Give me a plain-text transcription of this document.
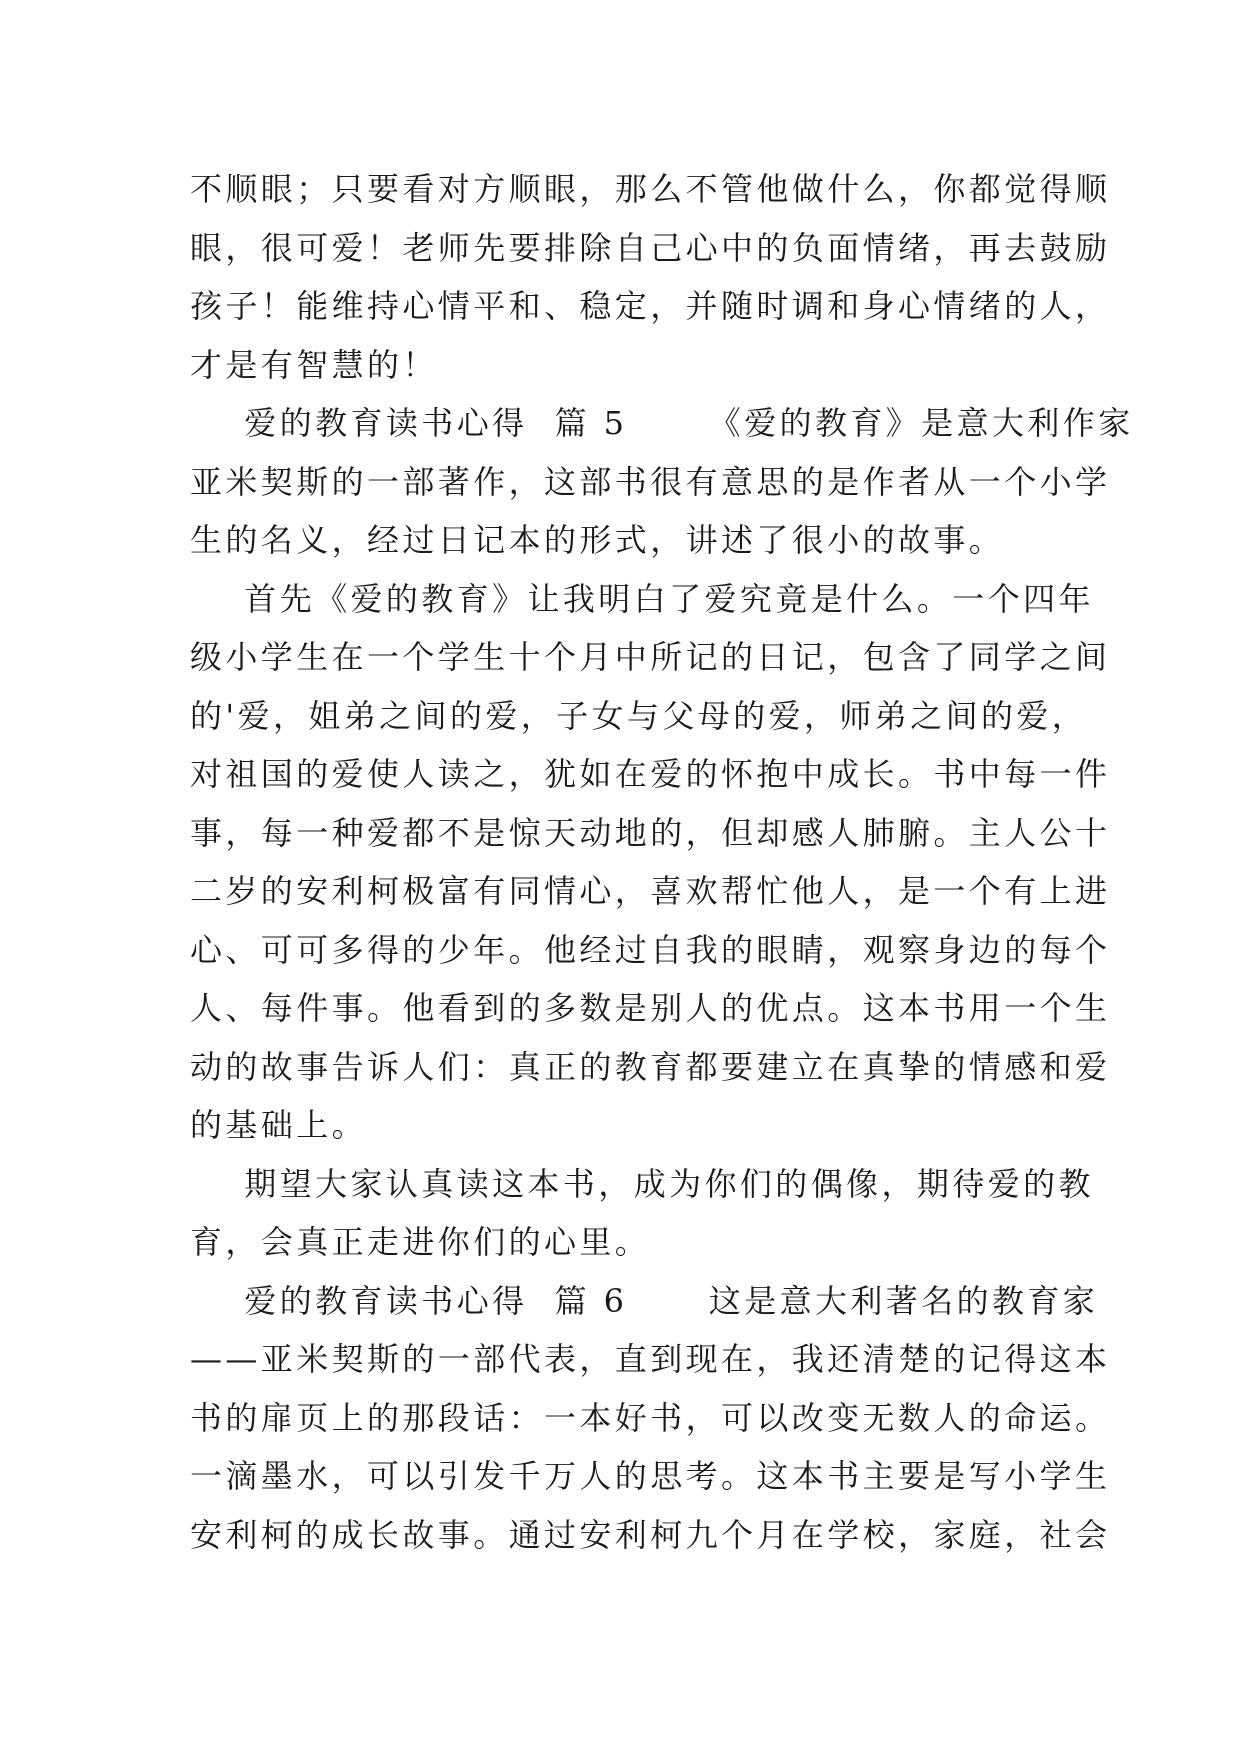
不顺眼；只要看对方顺眼，那么不管他做什么，你都觉得顺
眼，很可爱！老师先要排除自己心中的负面情绪，再去鼓励
孩子！能维持心情平和、稳定，并随时调和身心情绪的人，
才是有智慧的！
爱的教育读书心得  篇 5      《爱的教育》是意大利作家
亚米契斯的一部著作，这部书很有意思的是作者从一个小学
生的名义，经过日记本的形式，讲述了很小的故事。
首先《爱的教育》让我明白了爱究竟是什么。一个四年
级小学生在一个学生十个月中所记的日记，包含了同学之间
的'爱，姐弟之间的爱，子女与父母的爱，师弟之间的爱，
对祖国的爱使人读之，犹如在爱的怀抱中成长。书中每一件
事，每一种爱都不是惊天动地的，但却感人肺腑。主人公十
二岁的安利柯极富有同情心，喜欢帮忙他人，是一个有上进
心、可可多得的少年。他经过自我的眼睛，观察身边的每个
人、每件事。他看到的多数是别人的优点。这本书用一个生
动的故事告诉人们：真正的教育都要建立在真挚的情感和爱
的基础上。
期望大家认真读这本书，成为你们的偶像，期待爱的教
育，会真正走进你们的心里。
爱的教育读书心得  篇 6      这是意大利著名的教育家
——亚米契斯的一部代表，直到现在，我还清楚的记得这本
书的扉页上的那段话：一本好书，可以改变无数人的命运。
一滴墨水，可以引发千万人的思考。这本书主要是写小学生
安利柯的成长故事。通过安利柯九个月在学校，家庭，社会
